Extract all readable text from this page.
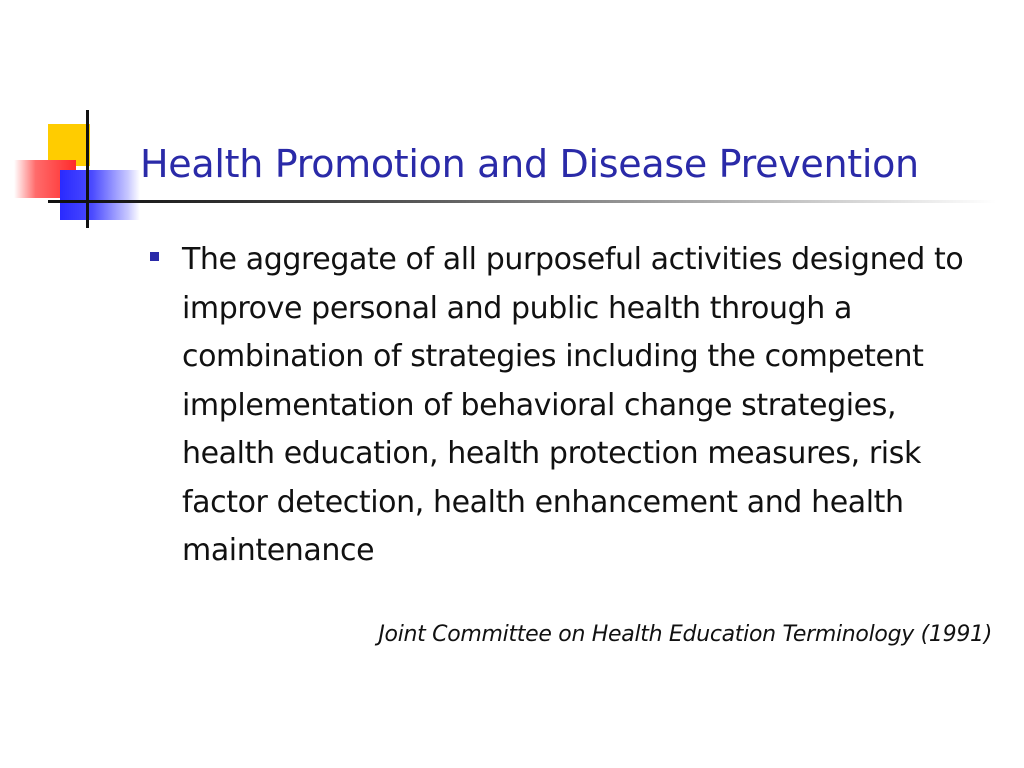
Health Promotion and Disease Prevention

The aggregate of all purposeful activities designed to improve personal and public health through a combination of strategies including the competent implementation of behavioral change strategies, health education, health protection measures, risk factor detection, health enhancement and health maintenance

Joint Committee on Health Education Terminology (1991)
